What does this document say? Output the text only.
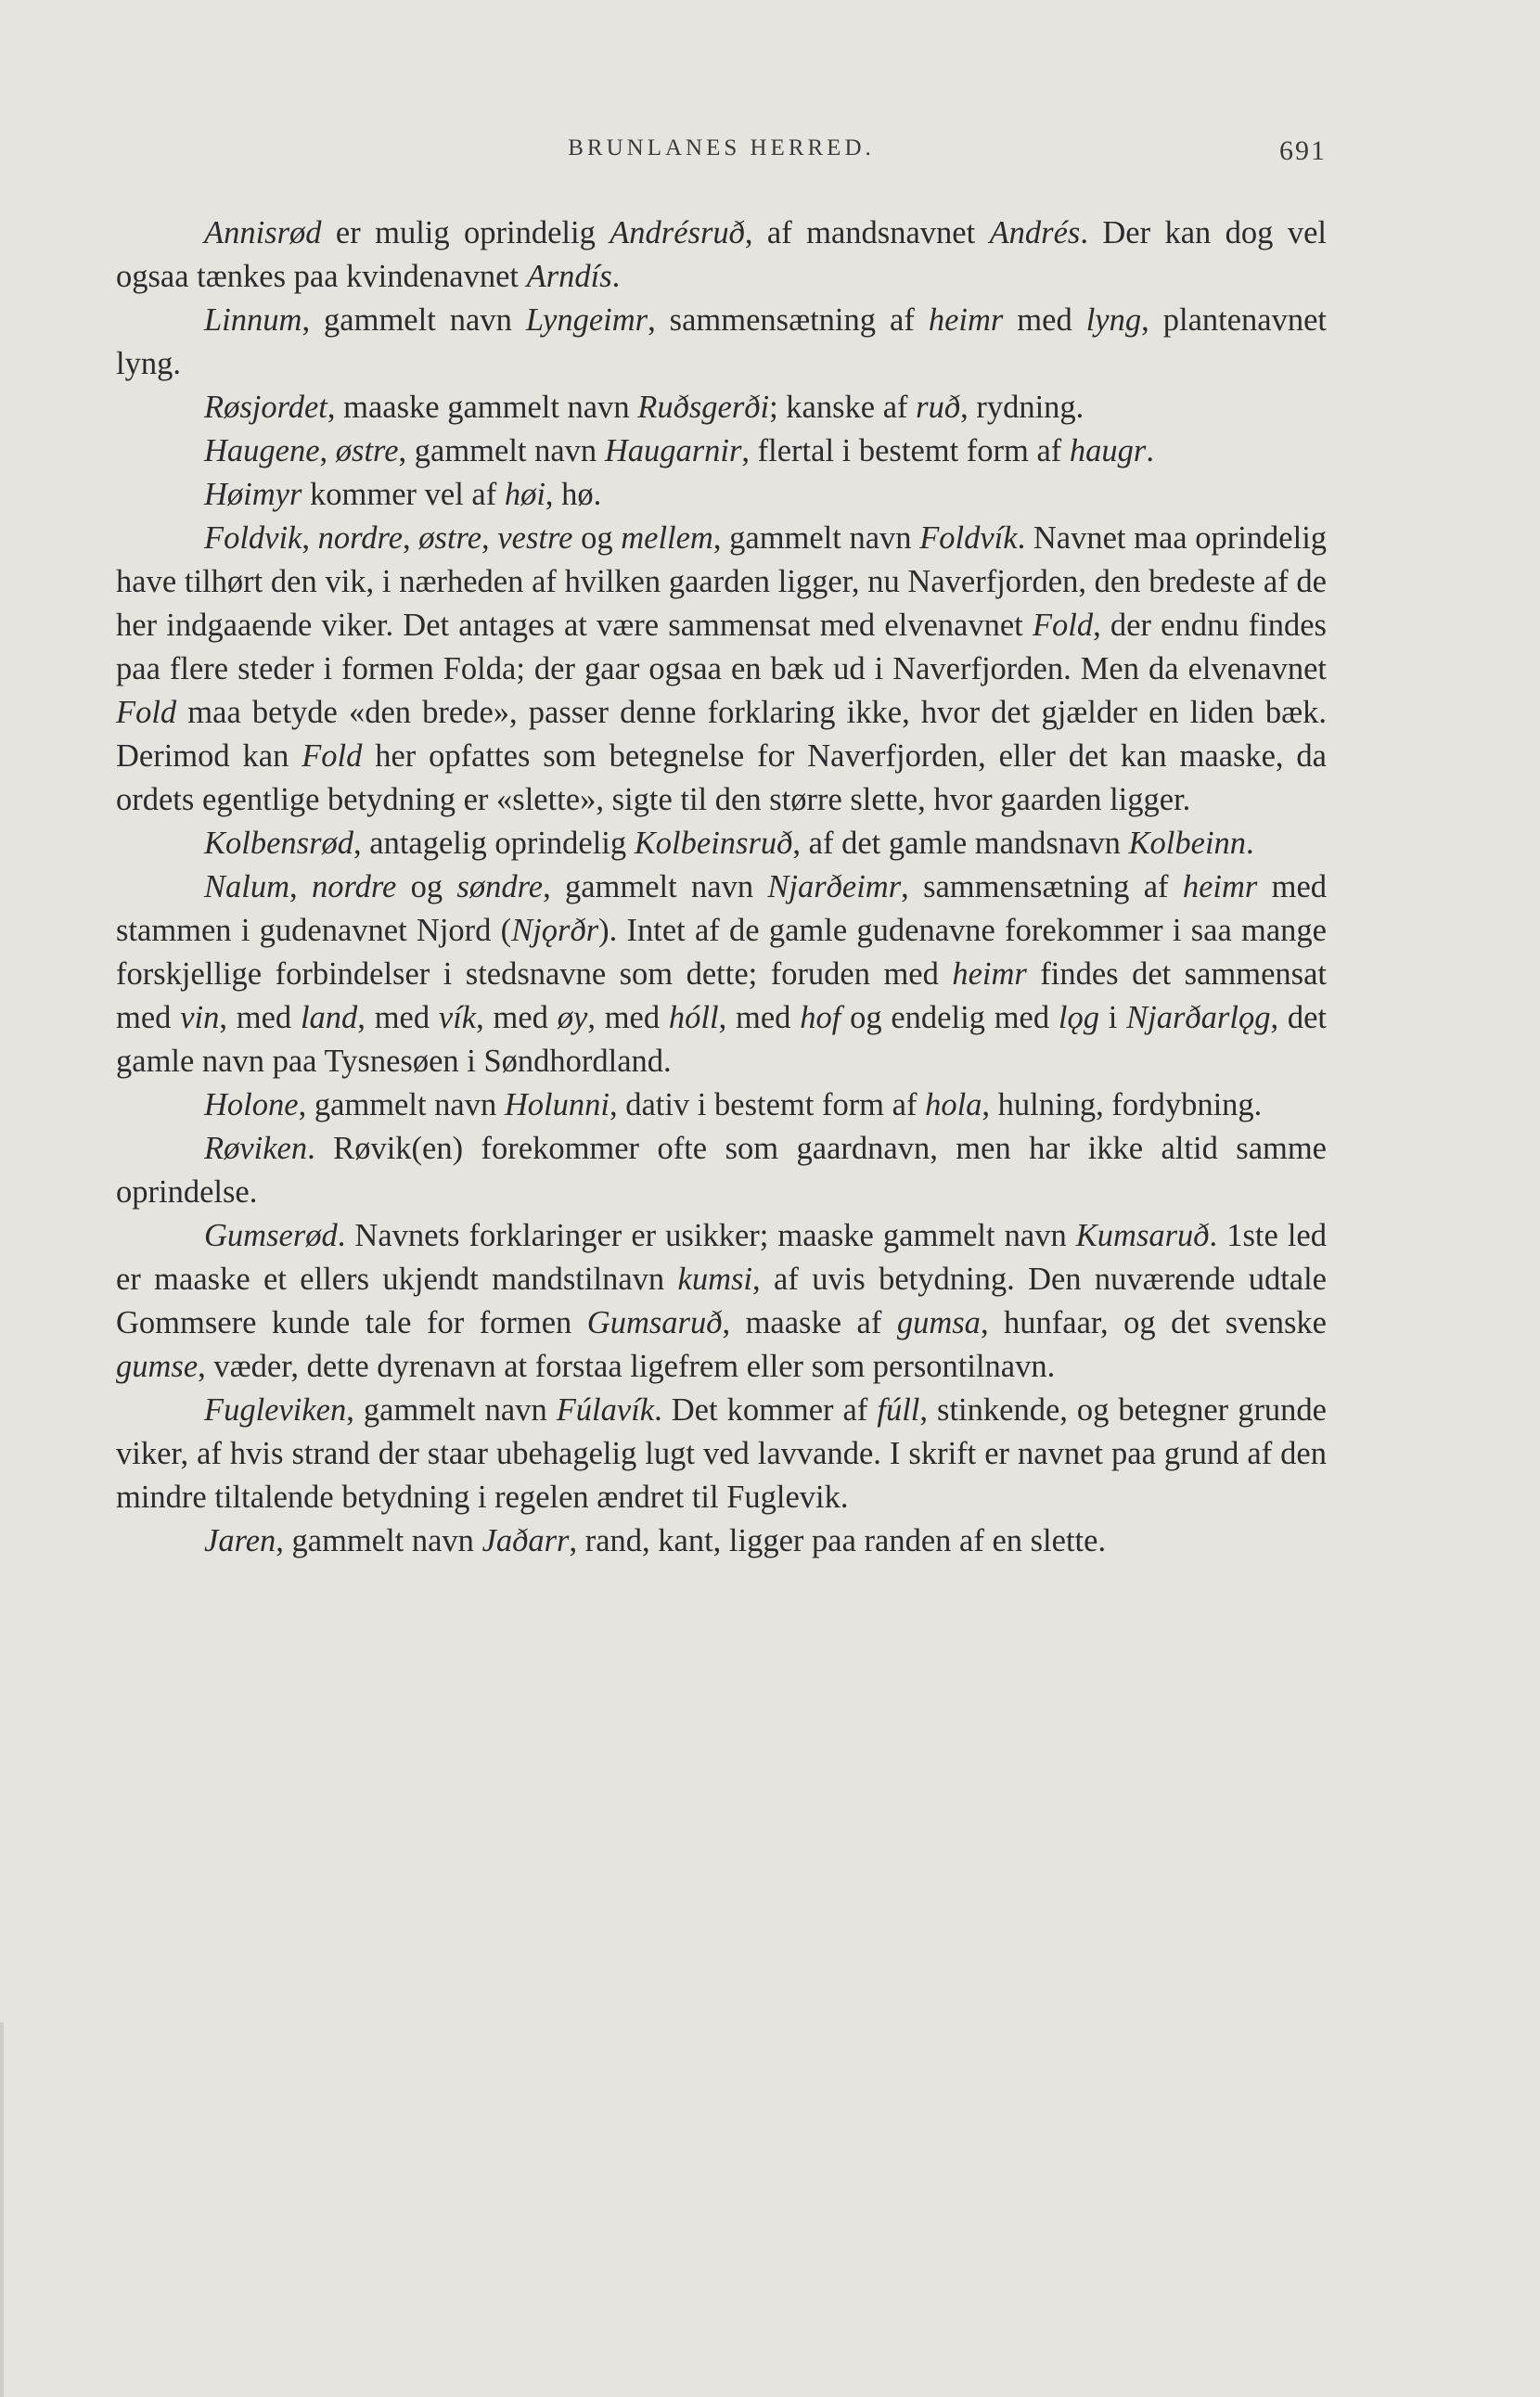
BRUNLANES HERRED.	691

Annisrød er mulig oprindelig Andrésruð, af mandsnavnet Andrés. Der kan dog vel ogsaa tænkes paa kvindenavnet Arndís.

Linnum, gammelt navn Lyngeimr, sammensætning af heimr med lyng, plantenavnet lyng.

Røsjordet, maaske gammelt navn Ruðsgerði; kanske af ruð, rydning.

Haugene, østre, gammelt navn Haugarnir, flertal i bestemt form af haugr.

Høimyr kommer vel af høi, hø.

Foldvik, nordre, østre, vestre og mellem, gammelt navn Foldvík. Navnet maa oprindelig have tilhørt den vik, i nærheden af hvilken gaarden ligger, nu Naverfjorden, den bredeste af de her indgaaende viker. Det antages at være sammensat med elvenavnet Fold, der endnu findes paa flere steder i formen Folda; der gaar ogsaa en bæk ud i Naverfjorden. Men da elvenavnet Fold maa betyde «den brede», passer denne forklaring ikke, hvor det gjælder en liden bæk. Derimod kan Fold her opfattes som betegnelse for Naverfjorden, eller det kan maaske, da ordets egentlige betydning er «slette», sigte til den større slette, hvor gaarden ligger.

Kolbensrød, antagelig oprindelig Kolbeinsruð, af det gamle mandsnavn Kolbeinn.

Nalum, nordre og søndre, gammelt navn Njarðeimr, sammensætning af heimr med stammen i gudenavnet Njord (Njǫrðr). Intet af de gamle gudenavne forekommer i saa mange forskjellige forbindelser i stedsnavne som dette; foruden med heimr findes det sammensat med vin, med land, med vík, med øy, med hóll, med hof og endelig med lǫg i Njarðarlǫg, det gamle navn paa Tysnesøen i Søndhordland.

Holone, gammelt navn Holunni, dativ i bestemt form af hola, hulning, fordybning.

Røviken. Røvik(en) forekommer ofte som gaardnavn, men har ikke altid samme oprindelse.

Gumserød. Navnets forklaringer er usikker; maaske gammelt navn Kumsaruð. 1ste led er maaske et ellers ukjendt mandstilnavn kumsi, af uvis betydning. Den nuværende udtale Gommsere kunde tale for formen Gumsaruð, maaske af gumsa, hunfaar, og det svenske gumse, væder, dette dyrenavn at forstaa ligefrem eller som persontilnavn.

Fugleviken, gammelt navn Fúlavík. Det kommer af fúll, stinkende, og betegner grunde viker, af hvis strand der staar ubehagelig lugt ved lavvande. I skrift er navnet paa grund af den mindre tiltalende betydning i regelen ændret til Fuglevik.

Jaren, gammelt navn Jaðarr, rand, kant, ligger paa randen af en slette.
